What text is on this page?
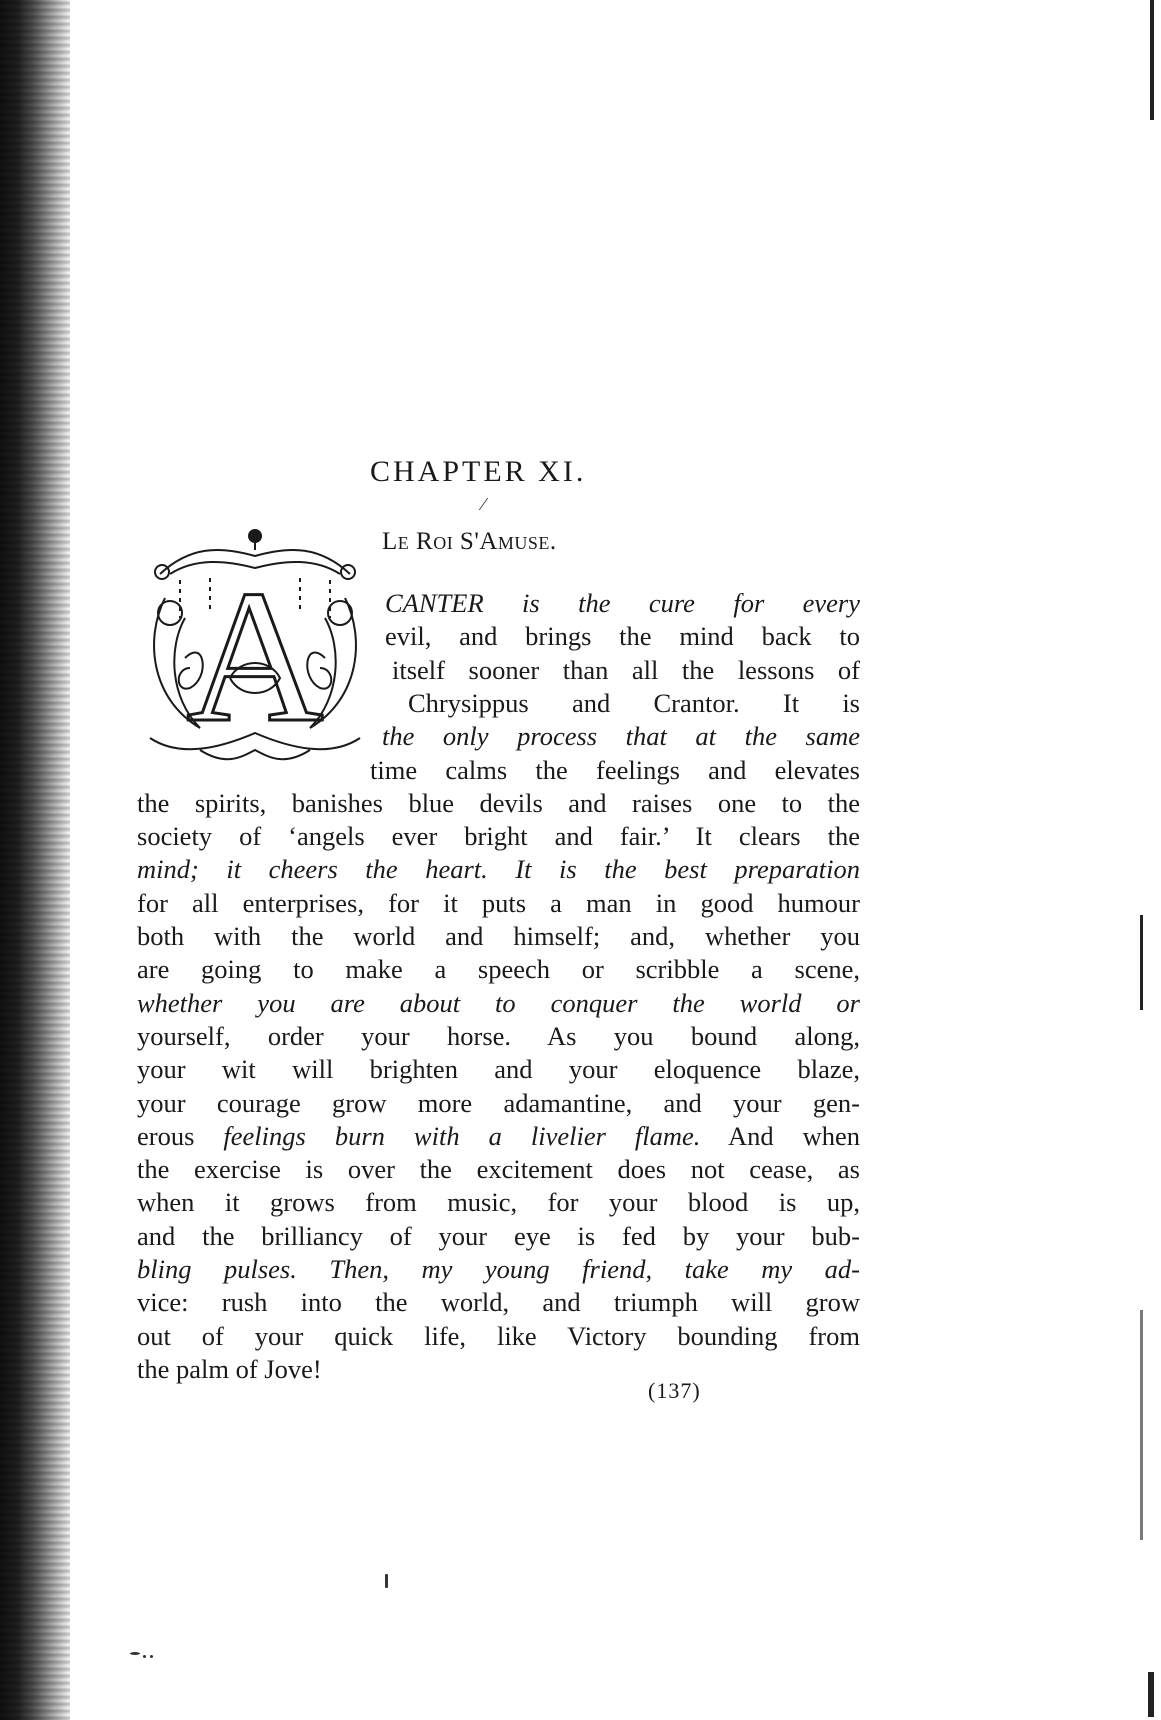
CHAPTER XI.
⁄
Le Roi S'Amuse.
A CANTER is the cure for every
evil, and brings the mind back to
itself sooner than all the lessons of
Chrysippus and Crantor. It is
the only process that at the same
time calms the feelings and elevates
the spirits, banishes blue devils and raises one to the
society of ‘angels ever bright and fair.’ It clears the
mind; it cheers the heart. It is the best preparation
for all enterprises, for it puts a man in good humour
both with the world and himself; and, whether you
are going to make a speech or scribble a scene,
whether you are about to conquer the world or
yourself, order your horse. As you bound along,
your wit will brighten and your eloquence blaze,
your courage grow more adamantine, and your gen-
erous feelings burn with a livelier flame. And when
the exercise is over the excitement does not cease, as
when it grows from music, for your blood is up,
and the brilliancy of your eye is fed by your bub-
bling pulses. Then, my young friend, take my ad-
vice: rush into the world, and triumph will grow
out of your quick life, like Victory bounding from
the palm of Jove!
(137)
